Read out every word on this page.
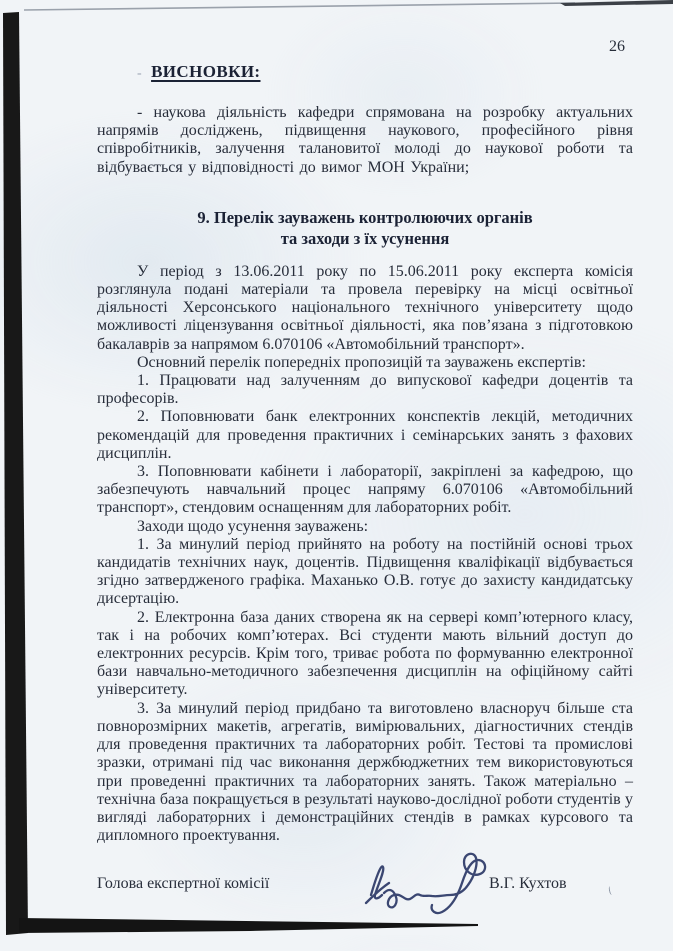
26
- ВИСНОВКИ:

- наукова діяльність кафедри спрямована на розробку актуальних напрямів досліджень, підвищення наукового, професійного рівня співробітників, залучення талановитої молоді до наукової роботи та відбувається у відповідності до вимог МОН України;

9. Перелік зауважень контролюючих органів
та заходи з їх усунення

У період з 13.06.2011 року по 15.06.2011 року експерта комісія розглянула подані матеріали та провела перевірку на місці освітньої діяльності Херсонського національного технічного університету щодо можливості ліцензування освітньої діяльності, яка пов’язана з підготовкою бакалаврів за напрямом 6.070106 «Автомобільний транспорт».

Основний перелік попередніх пропозицій та зауважень експертів:

1. Працювати над залученням до випускової кафедри доцентів та професорів.

2. Поповнювати банк електронних конспектів лекцій, методичних рекомендацій для проведення практичних і семінарських занять з фахових дисциплін.

3. Поповнювати кабінети і лабораторії, закріплені за кафедрою, що забезпечують навчальний процес напряму 6.070106 «Автомобільний транспорт», стендовим оснащенням для лабораторних робіт.

Заходи щодо усунення зауважень:

1. За минулий період прийнято на роботу на постійній основі трьох кандидатів технічних наук, доцентів. Підвищення кваліфікації відбувається згідно затвердженого графіка. Маханько О.В. готує до захисту кандидатську дисертацію.

2. Електронна база даних створена як на сервері комп’ютерного класу, так і на робочих комп’ютерах. Всі студенти мають вільний доступ до електронних ресурсів. Крім того, триває робота по формуванню електронної бази навчально-методичного забезпечення дисциплін на офіційному сайті університету.

3. За минулий період придбано та виготовлено власноруч більше ста повнорозмірних макетів, агрегатів, вимірювальних, діагностичних стендів для проведення практичних та лабораторних робіт. Тестові та промислові зразки, отримані під час виконання держбюджетних тем використовуються при проведенні практичних та лабораторних занять. Також матеріально – технічна база покращується в результаті науково-дослідної роботи студентів у вигляді лабораторних і демонстраційних стендів в рамках курсового та дипломного проектування.

Голова експертної комісії	В.Г. Кухтов
